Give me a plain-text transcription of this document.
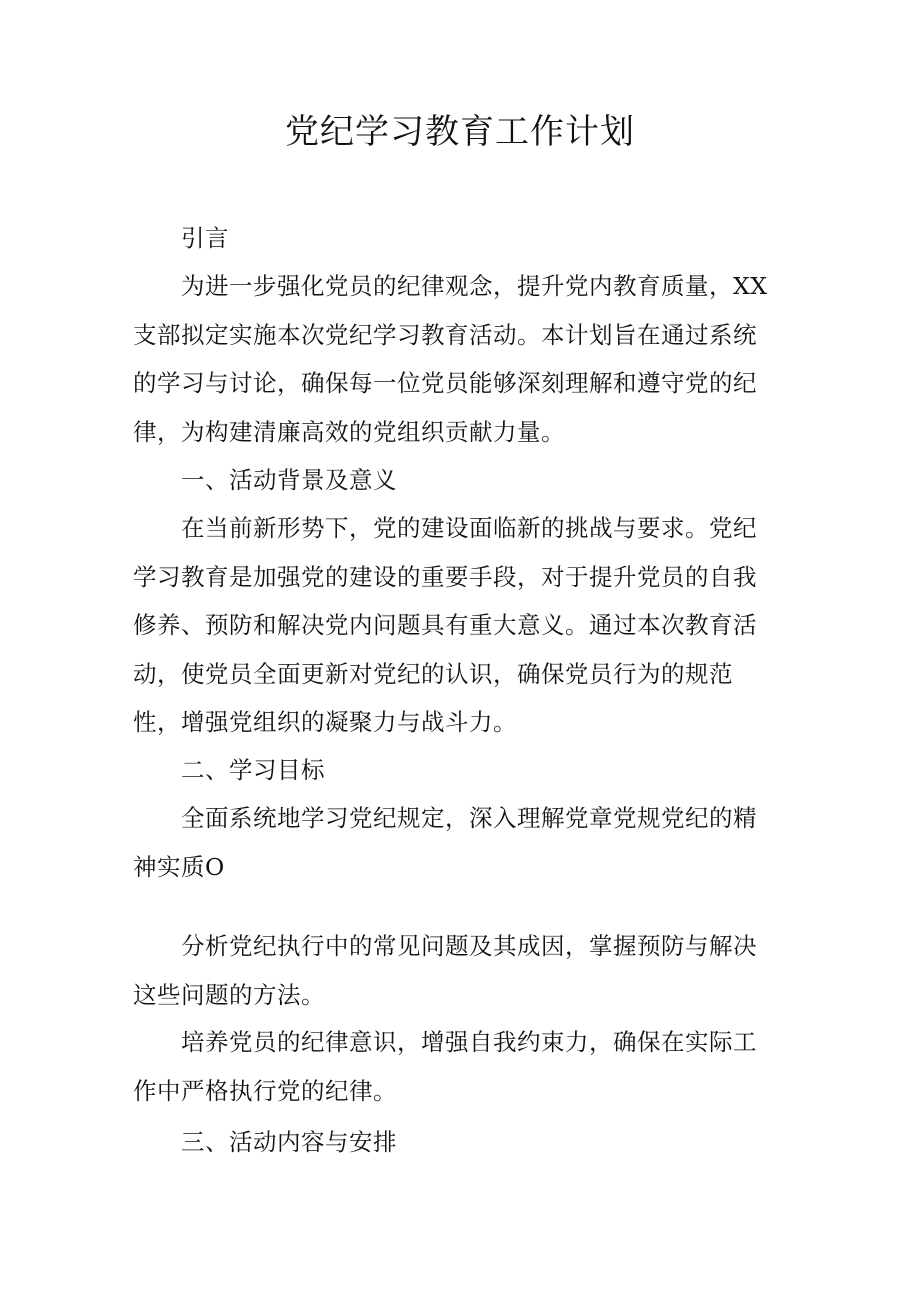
党纪学习教育工作计划

引言

为进一步强化党员的纪律观念，提升党内教育质量，XX支部拟定实施本次党纪学习教育活动。本计划旨在通过系统的学习与讨论，确保每一位党员能够深刻理解和遵守党的纪律，为构建清廉高效的党组织贡献力量。

一、活动背景及意义

在当前新形势下，党的建设面临新的挑战与要求。党纪学习教育是加强党的建设的重要手段，对于提升党员的自我修养、预防和解决党内问题具有重大意义。通过本次教育活动，使党员全面更新对党纪的认识，确保党员行为的规范性，增强党组织的凝聚力与战斗力。

二、学习目标

全面系统地学习党纪规定，深入理解党章党规党纪的精神实质O

分析党纪执行中的常见问题及其成因，掌握预防与解决这些问题的方法。

培养党员的纪律意识，增强自我约束力，确保在实际工作中严格执行党的纪律。

三、活动内容与安排
